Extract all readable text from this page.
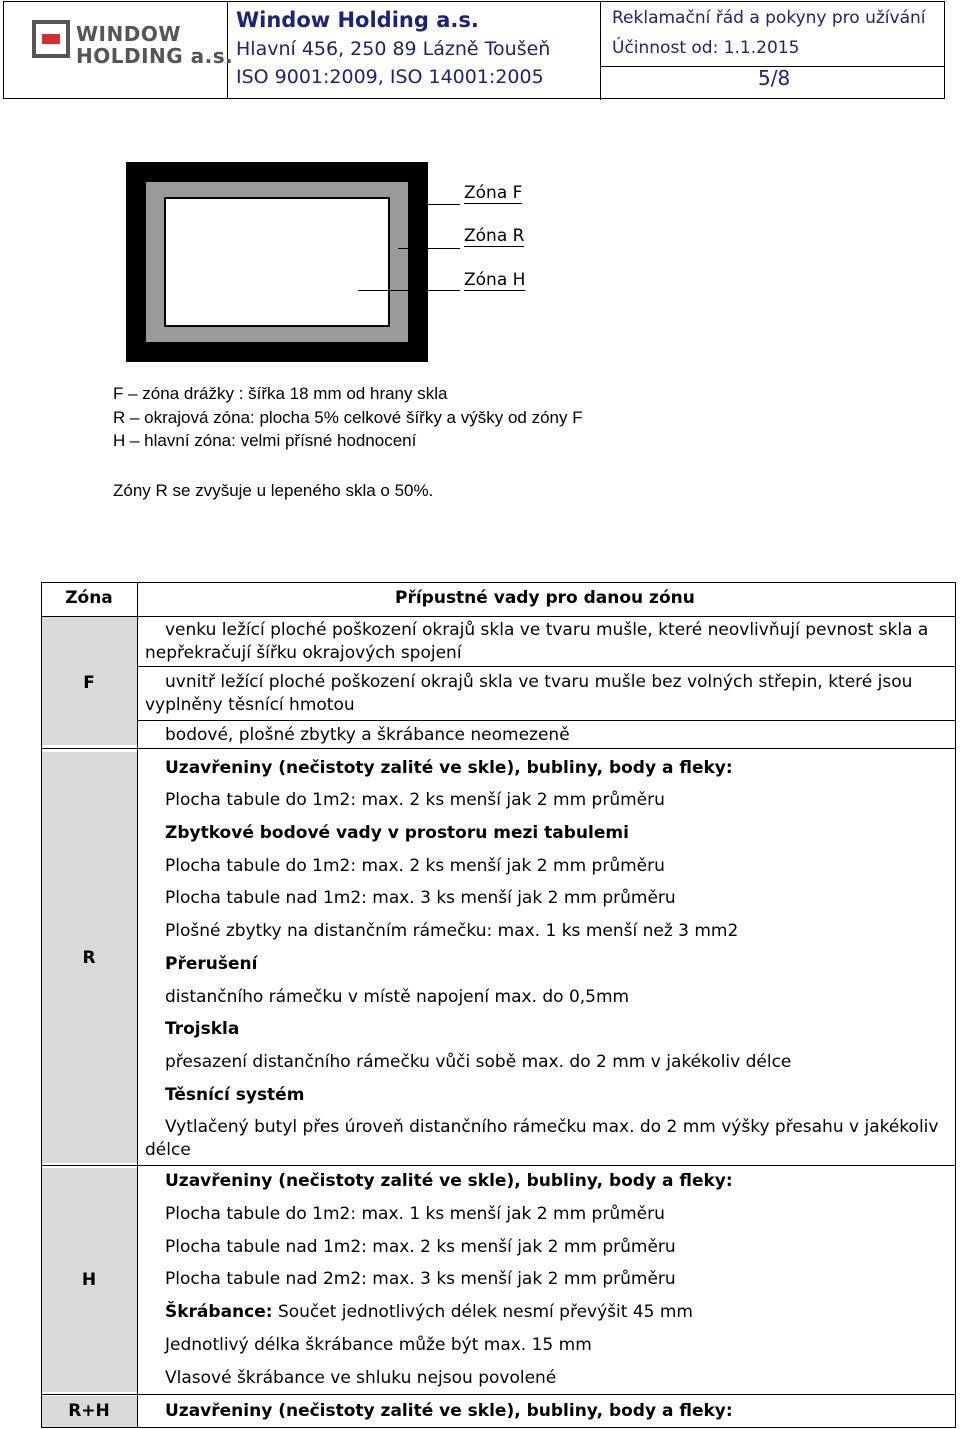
WINDOW
HOLDING a.s.
Window Holding a.s.
Hlavní 456, 250 89 Lázně Toušeň
ISO 9001:2009, ISO 14001:2005
Reklamační řád a pokyny pro užívání
Účinnost od: 1.1.2015
5/8
Zóna F
Zóna R
Zóna H
F – zóna drážky : šířka 18 mm od hrany skla
R – okrajová zóna: plocha 5% celkové šířky a výšky od zóny F
H – hlavní zóna: velmi přísné hodnocení
Zóny R se zvyšuje u lepeného skla o 50%.
Zóna	Přípustné vady pro danou zónu
F
R
H
R+H
venku ležící ploché poškození okrajů skla ve tvaru mušle, které neovlivňují pevnost skla a
nepřekračují šířku okrajových spojení
uvnitř ležící ploché poškození okrajů skla ve tvaru mušle bez volných střepin, které jsou
vyplněny těsnící hmotou
bodové, plošné zbytky a škrábance neomezeně
Uzavřeniny (nečistoty zalité ve skle), bubliny, body a fleky:
Plocha tabule do 1m2: max. 2 ks menší jak 2 mm průměru
Zbytkové bodové vady v prostoru mezi tabulemi
Plocha tabule do 1m2: max. 2 ks menší jak 2 mm průměru
Plocha tabule nad 1m2: max. 3 ks menší jak 2 mm průměru
Plošné zbytky na distančním rámečku: max. 1 ks menší než 3 mm2
Přerušení
distančního rámečku v místě napojení max. do 0,5mm
Trojskla
přesazení distančního rámečku vůči sobě max. do 2 mm v jakékoliv délce
Těsnící systém
Vytlačený butyl přes úroveň distančního rámečku max. do 2 mm výšky přesahu v jakékoliv
délce
Uzavřeniny (nečistoty zalité ve skle), bubliny, body a fleky:
Plocha tabule do 1m2: max. 1 ks menší jak 2 mm průměru
Plocha tabule nad 1m2: max. 2 ks menší jak 2 mm průměru
Plocha tabule nad 2m2: max. 3 ks menší jak 2 mm průměru
Škrábance: Součet jednotlivých délek nesmí převýšit 45 mm
Jednotlivý délka škrábance může být max. 15 mm
Vlasové škrábance ve shluku nejsou povolené
Uzavřeniny (nečistoty zalité ve skle), bubliny, body a fleky:
